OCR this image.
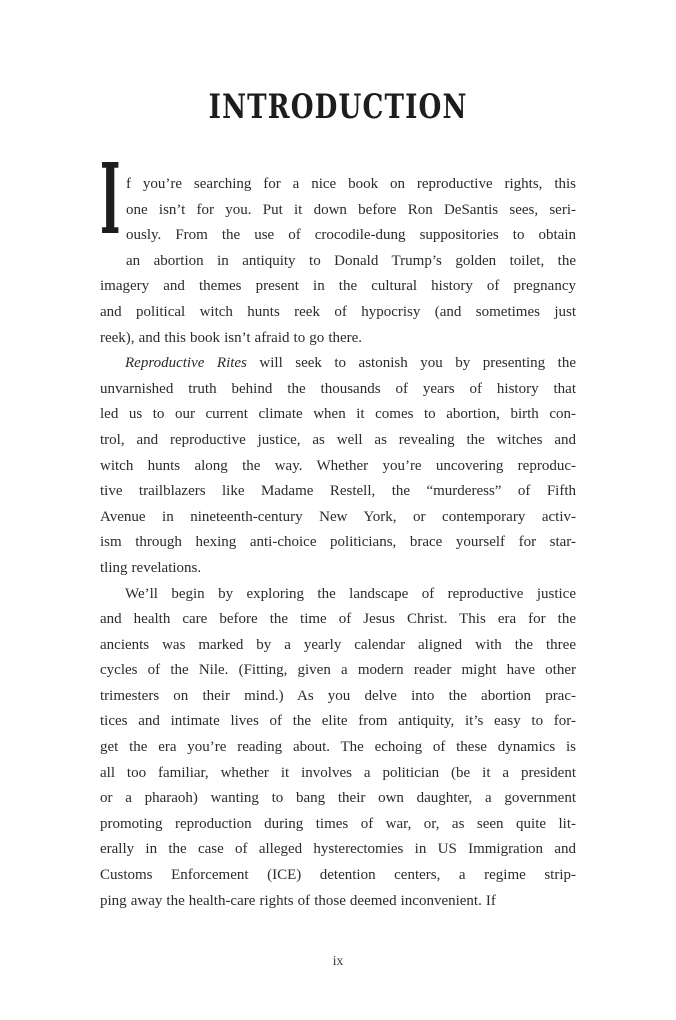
INTRODUCTION
I f you’re searching for a nice book on reproductive rights, this
one isn’t for you. Put it down before Ron DeSantis sees, seri-
ously. From the use of crocodile-dung suppositories to obtain
an abortion in antiquity to Donald Trump’s golden toilet, the
imagery and themes present in the cultural history of pregnancy
and political witch hunts reek of hypocrisy (and sometimes just
reek), and this book isn’t afraid to go there.
Reproductive Rites will seek to astonish you by presenting the
unvarnished truth behind the thousands of years of history that
led us to our current climate when it comes to abortion, birth con-
trol, and reproductive justice, as well as revealing the witches and
witch hunts along the way. Whether you’re uncovering reproduc-
tive trailblazers like Madame Restell, the “murderess” of Fifth
Avenue in nineteenth-century New York, or contemporary activ-
ism through hexing anti-choice politicians, brace yourself for star-
tling revelations.
We’ll begin by exploring the landscape of reproductive justice
and health care before the time of Jesus Christ. This era for the
ancients was marked by a yearly calendar aligned with the three
cycles of the Nile. (Fitting, given a modern reader might have other
trimesters on their mind.) As you delve into the abortion prac-
tices and intimate lives of the elite from antiquity, it’s easy to for-
get the era you’re reading about. The echoing of these dynamics is
all too familiar, whether it involves a politician (be it a president
or a pharaoh) wanting to bang their own daughter, a government
promoting reproduction during times of war, or, as seen quite lit-
erally in the case of alleged hysterectomies in US Immigration and
Customs Enforcement (ICE) detention centers, a regime strip-
ping away the health-care rights of those deemed inconvenient. If
ix
